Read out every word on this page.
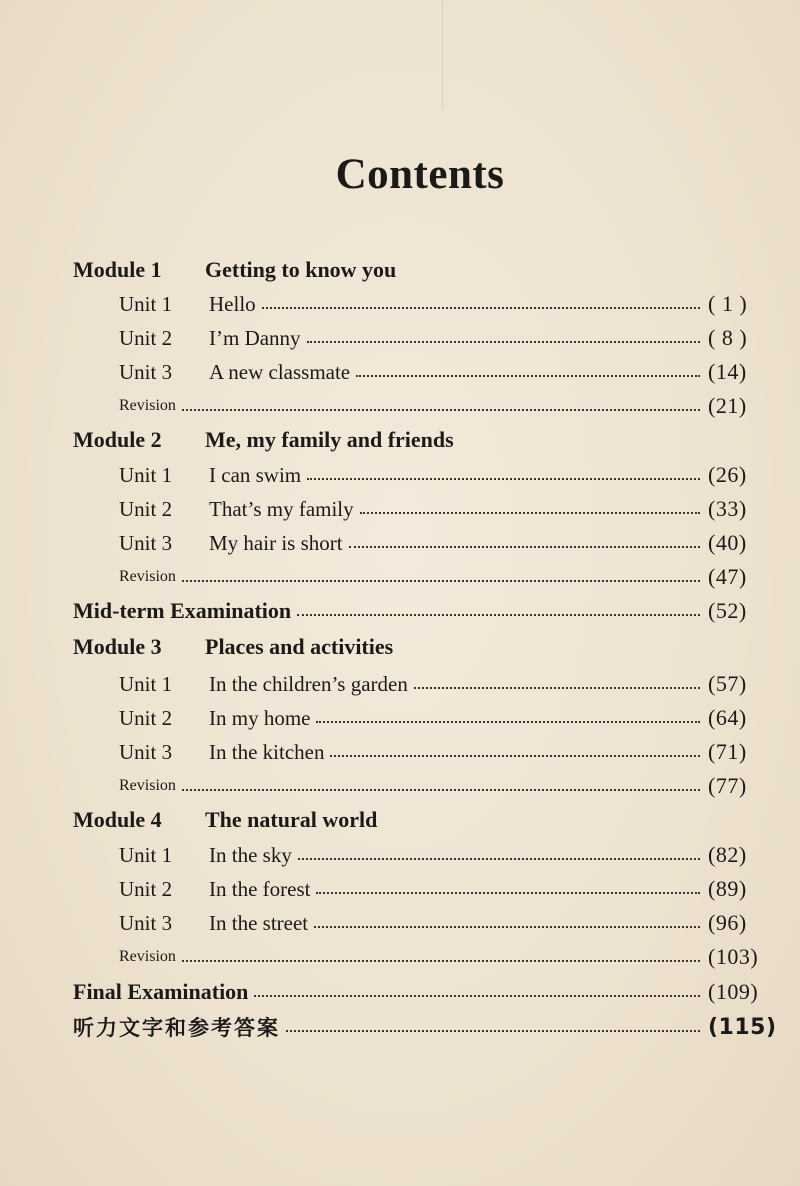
Contents
Module 1 Getting to know you
Unit 1	Hello	( 1 )
Unit 2	I’m Danny	( 8 )
Unit 3	A new classmate	(14)
Revision	(21)
Module 2 Me, my family and friends
Unit 1	I can swim	(26)
Unit 2	That’s my family	(33)
Unit 3	My hair is short	(40)
Revision	(47)
Mid-term Examination	(52)
Module 3 Places and activities
Unit 1	In the children’s garden	(57)
Unit 2	In my home	(64)
Unit 3	In the kitchen	(71)
Revision	(77)
Module 4 The natural world
Unit 1	In the sky	(82)
Unit 2	In the forest	(89)
Unit 3	In the street	(96)
Revision	(103)
Final Examination	(109)
听力文字和参考答案	(115)
